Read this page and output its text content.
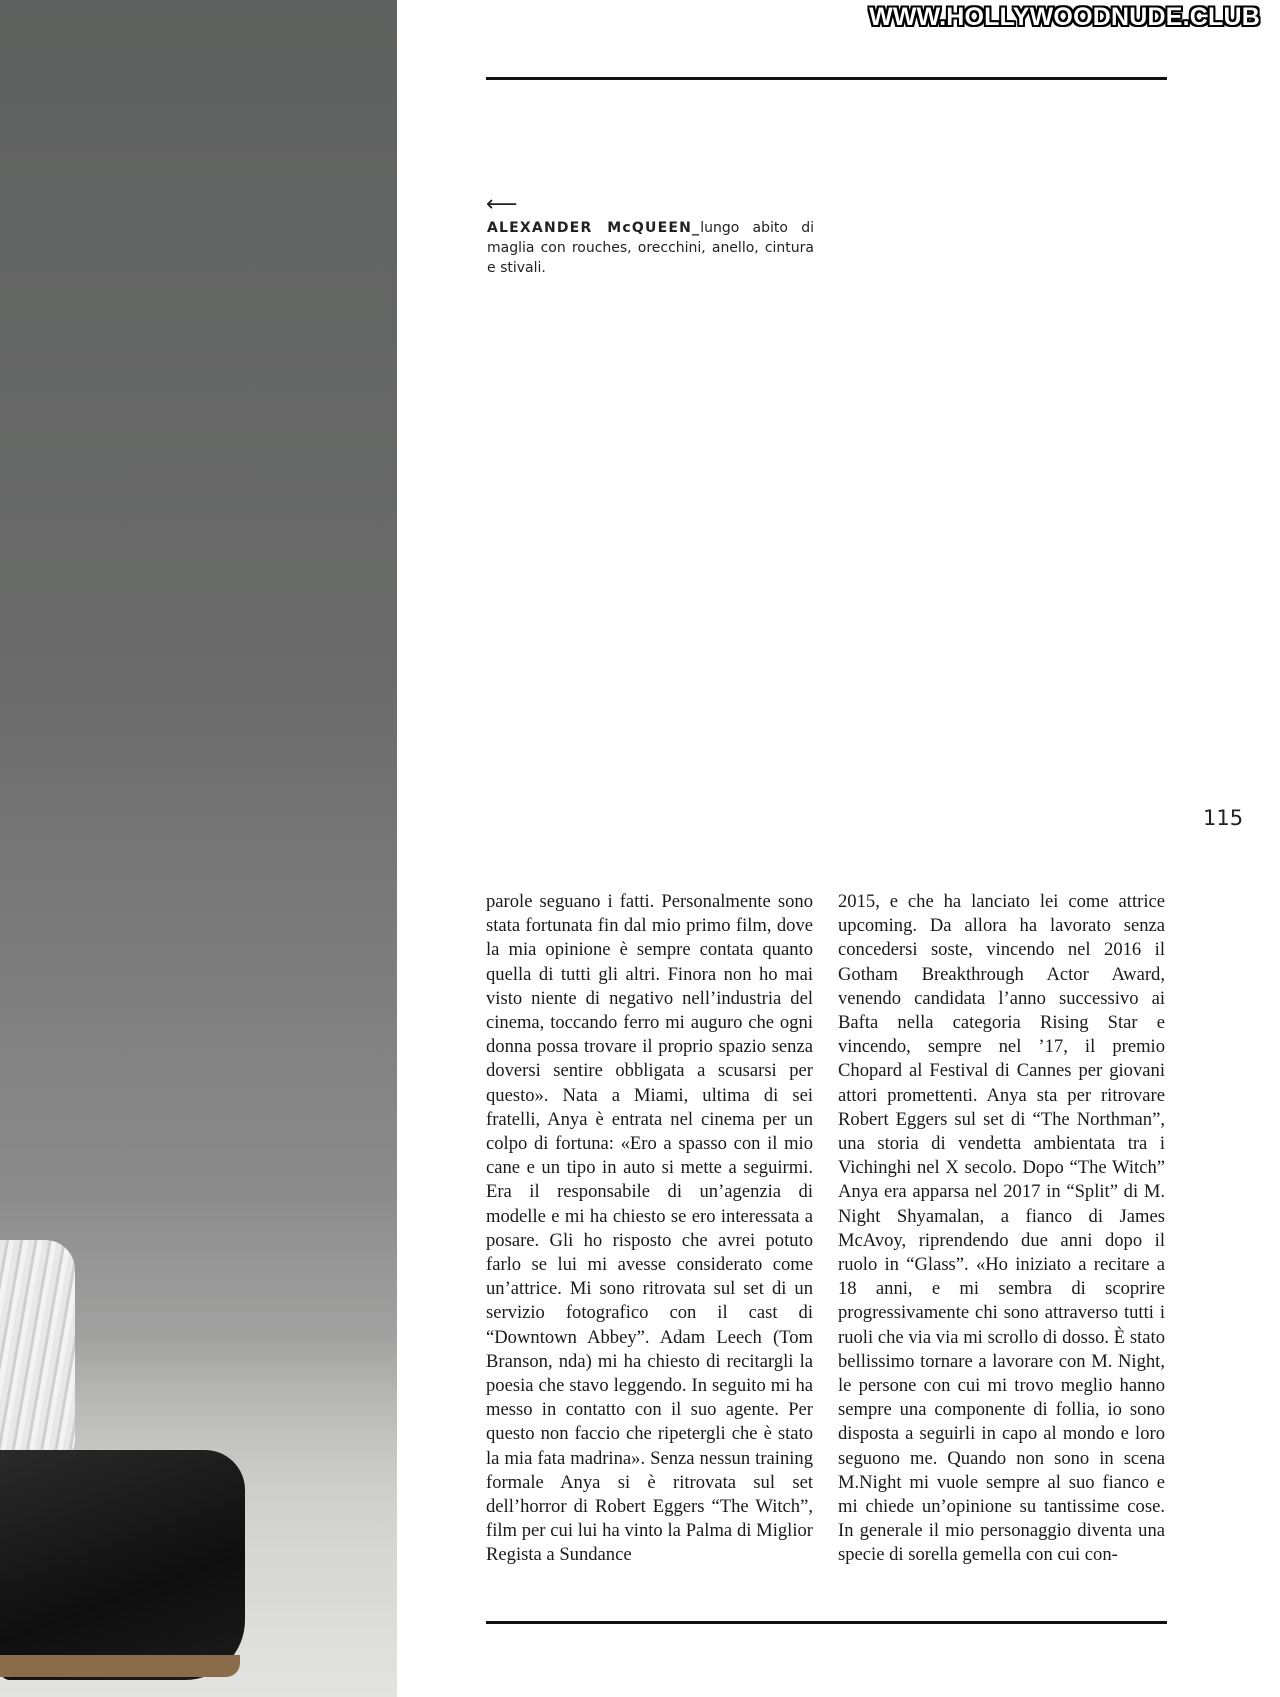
WWW.HOLLYWOODNUDE.CLUB
⟵
ALEXANDER McQUEEN_lungo abito di maglia con rouches, orecchini, anello, cintura e stivali.
115
parole seguano i fatti. Personalmente sono stata fortunata fin dal mio primo film, dove la mia opinione è sempre contata quanto quella di tutti gli altri. Finora non ho mai visto niente di negativo nell’industria del cinema, toccando ferro mi auguro che ogni donna possa trovare il proprio spazio senza doversi sentire obbligata a scusarsi per questo». Nata a Miami, ultima di sei fratelli, Anya è entrata nel cinema per un colpo di fortuna: «Ero a spasso con il mio cane e un tipo in auto si mette a seguirmi. Era il responsabile di un’agenzia di modelle e mi ha chiesto se ero interessata a posare. Gli ho risposto che avrei potuto farlo se lui mi avesse considerato come un’attrice. Mi sono ritrovata sul set di un servizio fotografico con il cast di “Downtown Abbey”. Adam Leech (Tom Branson, nda) mi ha chiesto di recitargli la poesia che stavo leggendo. In seguito mi ha messo in contatto con il suo agente. Per questo non faccio che ripetergli che è stato la mia fata madrina». Senza nessun training formale Anya si è ritrovata sul set dell’horror di Robert Eggers “The Witch”, film per cui lui ha vinto la Palma di Miglior Regista a Sundance
2015, e che ha lanciato lei come attrice upcoming. Da allora ha lavorato senza concedersi soste, vincendo nel 2016 il Gotham Breakthrough Actor Award, venendo candidata l’anno successivo ai Bafta nella categoria Rising Star e vincendo, sempre nel ’17, il premio Chopard al Festival di Cannes per giovani attori promettenti. Anya sta per ritrovare Robert Eggers sul set di “The Northman”, una storia di vendetta ambientata tra i Vichinghi nel X secolo. Dopo “The Witch” Anya era apparsa nel 2017 in “Split” di M. Night Shyamalan, a fianco di James McAvoy, riprendendo due anni dopo il ruolo in “Glass”. «Ho iniziato a recitare a 18 anni, e mi sembra di scoprire progressivamente chi sono attraverso tutti i ruoli che via via mi scrollo di dosso. È stato bellissimo tornare a lavorare con M. Night, le persone con cui mi trovo meglio hanno sempre una componente di follia, io sono disposta a seguirli in capo al mondo e loro seguono me. Quando non sono in scena M.Night mi vuole sempre al suo fianco e mi chiede un’opinione su tantissime cose. In generale il mio personaggio diventa una specie di sorella gemella con cui con-
